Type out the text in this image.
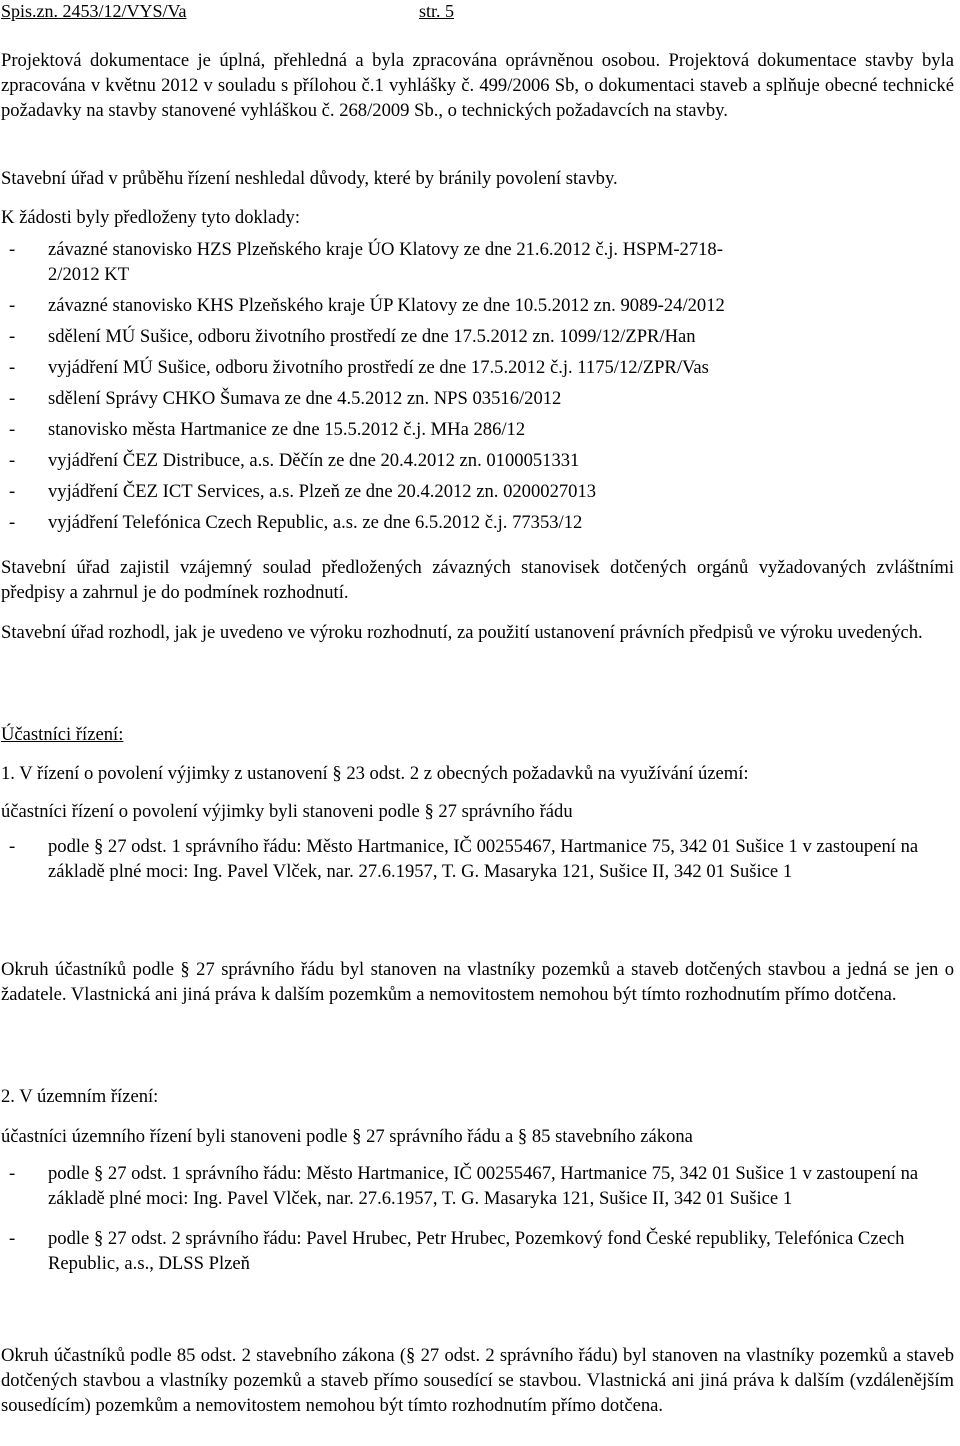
Spis.zn. 2453/12/VYS/Va	str. 5

Projektová dokumentace je úplná, přehledná a byla zpracována oprávněnou osobou. Projektová dokumentace stavby byla zpracována v květnu 2012 v souladu s přílohou č.1 vyhlášky č. 499/2006 Sb, o dokumentaci staveb a splňuje obecné technické požadavky na stavby stanovené vyhláškou č. 268/2009 Sb., o technických požadavcích na stavby.

Stavební úřad v průběhu řízení neshledal důvody, které by bránily povolení stavby.

K žádosti byly předloženy tyto doklady:

- závazné stanovisko HZS Plzeňského kraje ÚO Klatovy ze dne 21.6.2012 č.j. HSPM-2718-2/2012 KT
- závazné stanovisko KHS Plzeňského kraje ÚP Klatovy ze dne 10.5.2012 zn. 9089-24/2012
- sdělení MÚ Sušice, odboru životního prostředí ze dne 17.5.2012 zn. 1099/12/ZPR/Han
- vyjádření MÚ Sušice, odboru životního prostředí ze dne 17.5.2012 č.j. 1175/12/ZPR/Vas
- sdělení Správy CHKO Šumava ze dne 4.5.2012 zn. NPS 03516/2012
- stanovisko města Hartmanice ze dne 15.5.2012 č.j. MHa 286/12
- vyjádření ČEZ Distribuce, a.s. Děčín ze dne 20.4.2012 zn. 0100051331
- vyjádření ČEZ ICT Services, a.s. Plzeň ze dne 20.4.2012 zn. 0200027013
- vyjádření Telefónica Czech Republic, a.s. ze dne 6.5.2012 č.j. 77353/12

Stavební úřad zajistil vzájemný soulad předložených závazných stanovisek dotčených orgánů vyžadovaných zvláštními předpisy a zahrnul je do podmínek rozhodnutí.

Stavební úřad rozhodl, jak je uvedeno ve výroku rozhodnutí, za použití ustanovení právních předpisů ve výroku uvedených.

Účastníci řízení:

1. V řízení o povolení výjimky z ustanovení § 23 odst. 2 z obecných požadavků na využívání území:

účastníci řízení o povolení výjimky byli stanoveni podle § 27 správního řádu

- podle § 27 odst. 1 správního řádu: Město Hartmanice, IČ 00255467, Hartmanice 75, 342 01 Sušice 1 v zastoupení na základě plné moci: Ing. Pavel Vlček, nar. 27.6.1957, T. G. Masaryka 121, Sušice II, 342 01 Sušice 1

Okruh účastníků podle § 27 správního řádu byl stanoven na vlastníky pozemků a staveb dotčených stavbou a jedná se jen o žadatele. Vlastnická ani jiná práva k dalším pozemkům a nemovitostem nemohou být tímto rozhodnutím přímo dotčena.

2. V územním řízení:

účastníci územního řízení byli stanoveni podle § 27 správního řádu a § 85 stavebního zákona

- podle § 27 odst. 1 správního řádu: Město Hartmanice, IČ 00255467, Hartmanice 75, 342 01 Sušice 1 v zastoupení na základě plné moci: Ing. Pavel Vlček, nar. 27.6.1957, T. G. Masaryka 121, Sušice II, 342 01 Sušice 1
- podle § 27 odst. 2 správního řádu: Pavel Hrubec, Petr Hrubec, Pozemkový fond České republiky, Telefónica Czech Republic, a.s., DLSS Plzeň

Okruh účastníků podle 85 odst. 2 stavebního zákona (§ 27 odst. 2 správního řádu) byl stanoven na vlastníky pozemků a staveb dotčených stavbou a vlastníky pozemků a staveb přímo sousedící se stavbou. Vlastnická ani jiná práva k dalším (vzdálenějším sousedícím) pozemkům a nemovitostem nemohou být tímto rozhodnutím přímo dotčena.
